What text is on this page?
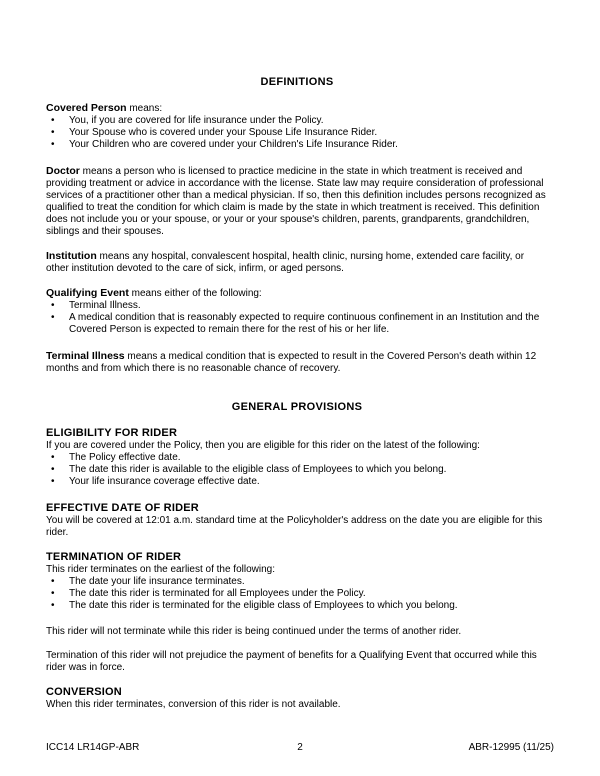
DEFINITIONS

Covered Person means:

• You, if you are covered for life insurance under the Policy.
• Your Spouse who is covered under your Spouse Life Insurance Rider.
• Your Children who are covered under your Children's Life Insurance Rider.

Doctor means a person who is licensed to practice medicine in the state in which treatment is received and providing treatment or advice in accordance with the license. State law may require consideration of professional services of a practitioner other than a medical physician. If so, then this definition includes persons recognized as qualified to treat the condition for which claim is made by the state in which treatment is received. This definition does not include you or your spouse, or your or your spouse's children, parents, grandparents, grandchildren, siblings and their spouses.

Institution means any hospital, convalescent hospital, health clinic, nursing home, extended care facility, or other institution devoted to the care of sick, infirm, or aged persons.

Qualifying Event means either of the following:

• Terminal Illness.
• A medical condition that is reasonably expected to require continuous confinement in an Institution and the Covered Person is expected to remain there for the rest of his or her life.

Terminal Illness means a medical condition that is expected to result in the Covered Person's death within 12 months and from which there is no reasonable chance of recovery.

GENERAL PROVISIONS
ELIGIBILITY FOR RIDER

If you are covered under the Policy, then you are eligible for this rider on the latest of the following:

• The Policy effective date.
• The date this rider is available to the eligible class of Employees to which you belong.
• Your life insurance coverage effective date.
EFFECTIVE DATE OF RIDER

You will be covered at 12:01 a.m. standard time at the Policyholder's address on the date you are eligible for this rider.

TERMINATION OF RIDER

This rider terminates on the earliest of the following:

• The date your life insurance terminates.
• The date this rider is terminated for all Employees under the Policy.
• The date this rider is terminated for the eligible class of Employees to which you belong.

This rider will not terminate while this rider is being continued under the terms of another rider.

Termination of this rider will not prejudice the payment of benefits for a Qualifying Event that occurred while this rider was in force.

CONVERSION

When this rider terminates, conversion of this rider is not available.

ICC14 LR14GP-ABR	2	ABR-12995 (11/25)
